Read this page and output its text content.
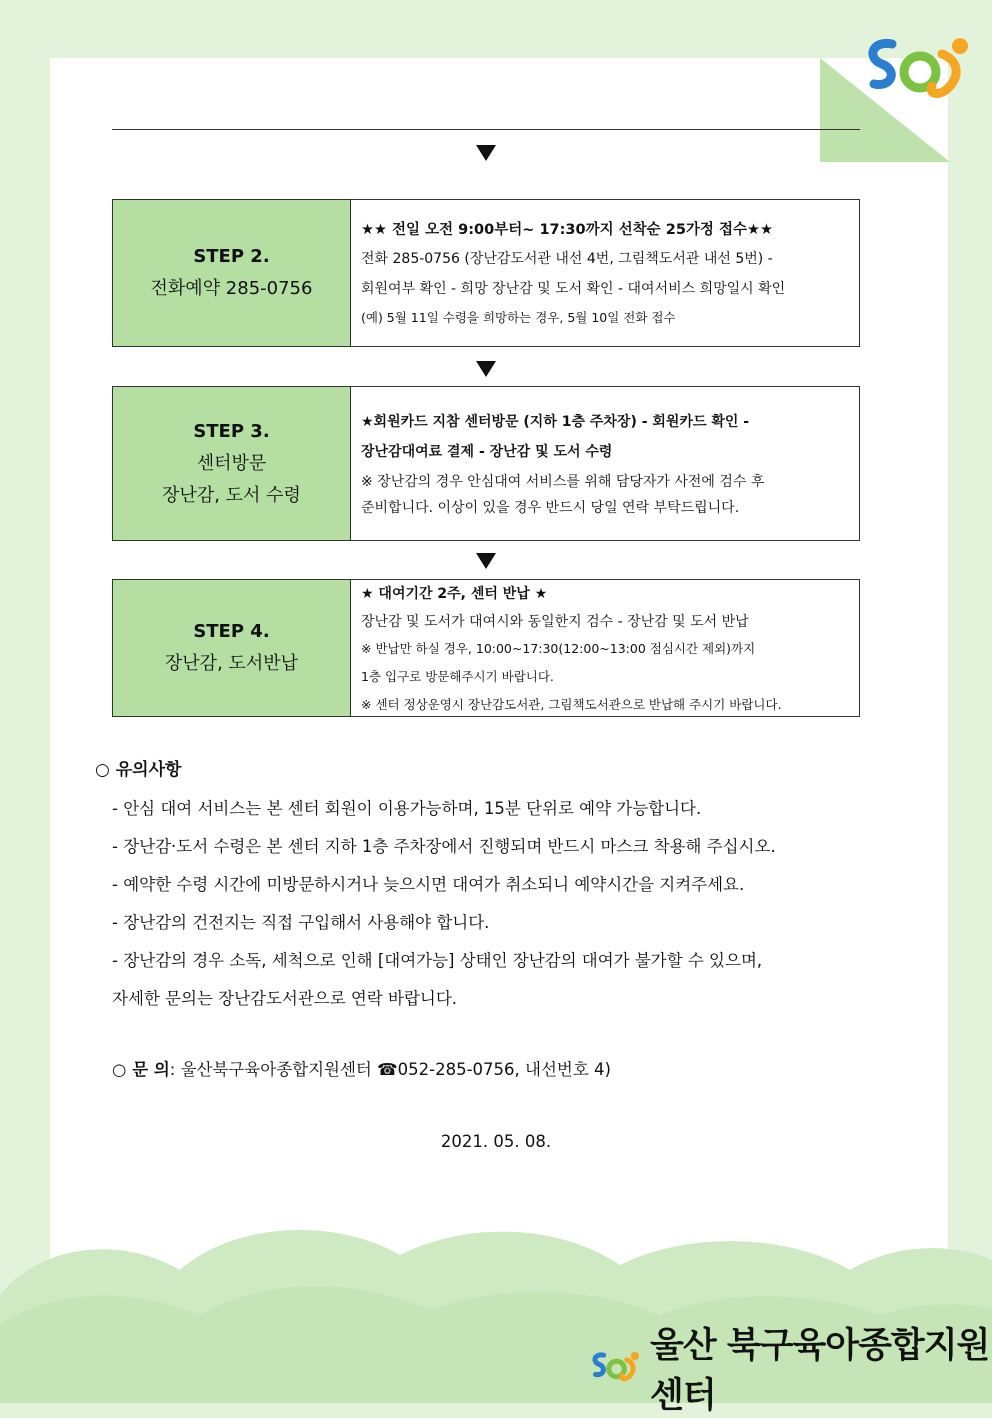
STEP 2.
전화예약 285-0756
★★ 전일 오전 9:00부터~ 17:30까지 선착순 25가정 접수★★
전화 285-0756 (장난감도서관 내선 4번, 그림책도서관 내선 5번) -
회원여부 확인 - 희망 장난감 및 도서 확인 - 대여서비스 희망일시 확인
(예) 5월 11일 수령을 희망하는 경우, 5월 10일 전화 접수
STEP 3.
센터방문
장난감, 도서 수령
★회원카드 지참 센터방문 (지하 1층 주차장) - 회원카드 확인 -
장난감대여료 결제 - 장난감 및 도서 수령
※ 장난감의 경우 안심대여 서비스를 위해 담당자가 사전에 검수 후
준비합니다. 이상이 있을 경우 반드시 당일 연락 부탁드립니다.
STEP 4.
장난감, 도서반납
★ 대여기간 2주, 센터 반납 ★
장난감 및 도서가 대여시와 동일한지 검수 - 장난감 및 도서 반납
※ 반납만 하실 경우, 10:00~17:30(12:00~13:00 점심시간 제외)까지
1층 입구로 방문해주시기 바랍니다.
※ 센터 정상운영시 장난감도서관, 그림책도서관으로 반납해 주시기 바랍니다.
○ 유의사항
- 안심 대여 서비스는 본 센터 회원이 이용가능하며, 15분 단위로 예약 가능합니다.
- 장난감·도서 수령은 본 센터 지하 1층 주차장에서 진행되며 반드시 마스크 착용해 주십시오.
- 예약한 수령 시간에 미방문하시거나 늦으시면 대여가 취소되니 예약시간을 지켜주세요.
- 장난감의 건전지는 직접 구입해서 사용해야 합니다.
- 장난감의 경우 소독, 세척으로 인해 [대여가능] 상태인 장난감의 대여가 불가할 수 있으며,
자세한 문의는 장난감도서관으로 연락 바랍니다.
○ 문 의: 울산북구육아종합지원센터 ☎052-285-0756, 내선번호 4)
2021. 05. 08.
울산 북구육아종합지원센터
